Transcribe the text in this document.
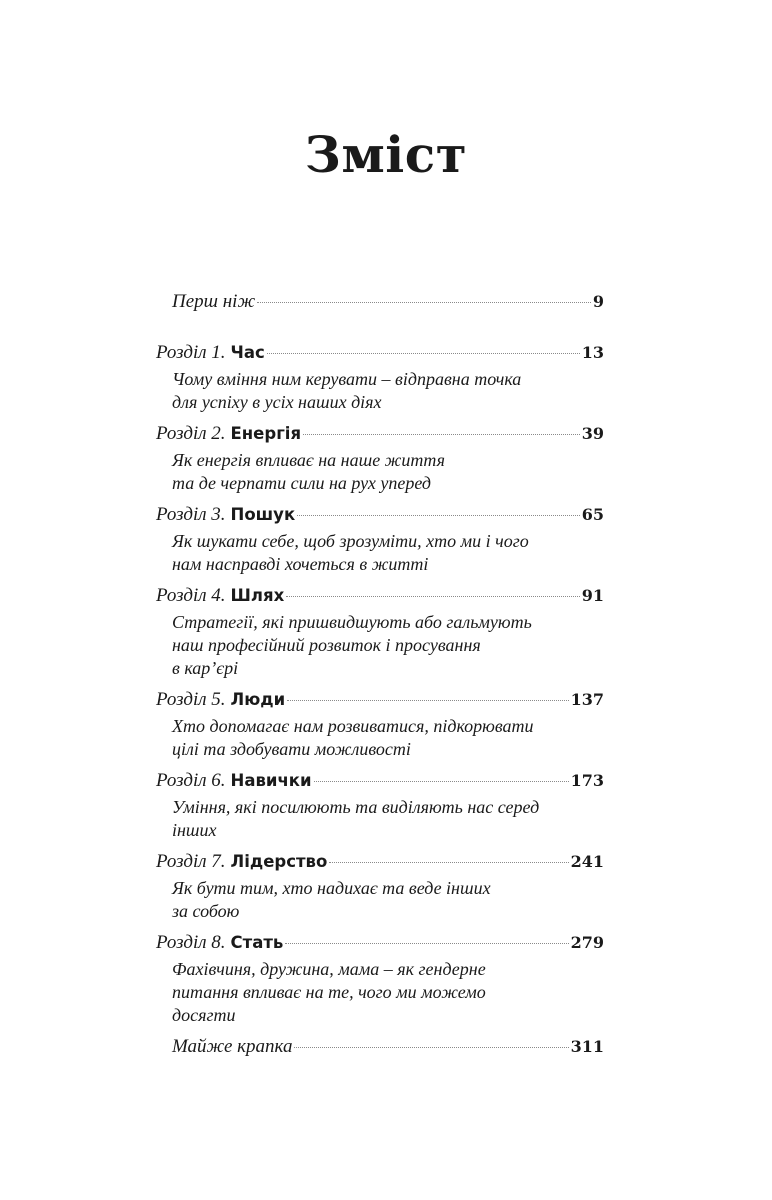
Зміст
Перш ніж	9
Розділ 1. Час	13
Чому вміння ним керувати – відправна точка
для успіху в усіх наших діях
Розділ 2. Енергія	39
Як енергія впливає на наше життя
та де черпати сили на рух уперед
Розділ 3. Пошук	65
Як шукати себе, щоб зрозуміти, хто ми і чого
нам насправді хочеться в житті
Розділ 4. Шлях	91
Стратегії, які пришвидшують або гальмують
наш професійний розвиток і просування
в кар’єрі
Розділ 5. Люди	137
Хто допомагає нам розвиватися, підкорювати
цілі та здобувати можливості
Розділ 6. Навички	173
Уміння, які посилюють та виділяють нас серед
інших
Розділ 7. Лідерство	241
Як бути тим, хто надихає та веде інших
за собою
Розділ 8. Стать	279
Фахівчиня, дружина, мама – як гендерне
питання впливає на те, чого ми можемо
досягти
Майже крапка	311
